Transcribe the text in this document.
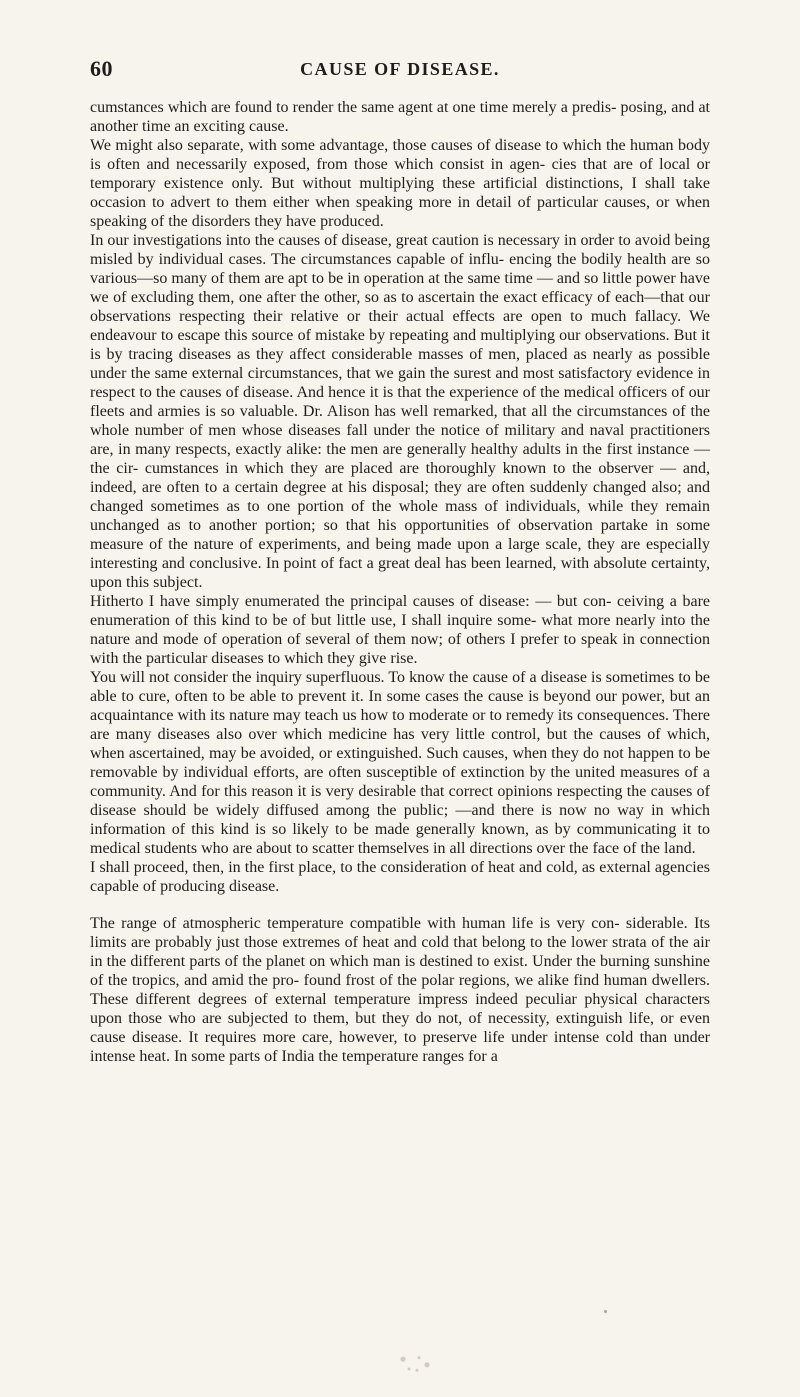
60	CAUSE OF DISEASE.

cumstances which are found to render the same agent at one time merely a predis- posing, and at another time an exciting cause.

We might also separate, with some advantage, those causes of disease to which the human body is often and necessarily exposed, from those which consist in agen- cies that are of local or temporary existence only. But without multiplying these artificial distinctions, I shall take occasion to advert to them either when speaking more in detail of particular causes, or when speaking of the disorders they have produced.

In our investigations into the causes of disease, great caution is necessary in order to avoid being misled by individual cases. The circumstances capable of influ- encing the bodily health are so various—so many of them are apt to be in operation at the same time — and so little power have we of excluding them, one after the other, so as to ascertain the exact efficacy of each—that our observations respecting their relative or their actual effects are open to much fallacy. We endeavour to escape this source of mistake by repeating and multiplying our observations. But it is by tracing diseases as they affect considerable masses of men, placed as nearly as possible under the same external circumstances, that we gain the surest and most satisfactory evidence in respect to the causes of disease. And hence it is that the experience of the medical officers of our fleets and armies is so valuable. Dr. Alison has well remarked, that all the circumstances of the whole number of men whose diseases fall under the notice of military and naval practitioners are, in many respects, exactly alike: the men are generally healthy adults in the first instance — the cir- cumstances in which they are placed are thoroughly known to the observer — and, indeed, are often to a certain degree at his disposal; they are often suddenly changed also; and changed sometimes as to one portion of the whole mass of individuals, while they remain unchanged as to another portion; so that his opportunities of observation partake in some measure of the nature of experiments, and being made upon a large scale, they are especially interesting and conclusive. In point of fact a great deal has been learned, with absolute certainty, upon this subject.

Hitherto I have simply enumerated the principal causes of disease: — but con- ceiving a bare enumeration of this kind to be of but little use, I shall inquire some- what more nearly into the nature and mode of operation of several of them now; of others I prefer to speak in connection with the particular diseases to which they give rise.

You will not consider the inquiry superfluous. To know the cause of a disease is sometimes to be able to cure, often to be able to prevent it. In some cases the cause is beyond our power, but an acquaintance with its nature may teach us how to moderate or to remedy its consequences. There are many diseases also over which medicine has very little control, but the causes of which, when ascertained, may be avoided, or extinguished. Such causes, when they do not happen to be removable by individual efforts, are often susceptible of extinction by the united measures of a community. And for this reason it is very desirable that correct opinions respecting the causes of disease should be widely diffused among the public; —and there is now no way in which information of this kind is so likely to be made generally known, as by communicating it to medical students who are about to scatter themselves in all directions over the face of the land.

I shall proceed, then, in the first place, to the consideration of heat and cold, as external agencies capable of producing disease.

The range of atmospheric temperature compatible with human life is very con- siderable. Its limits are probably just those extremes of heat and cold that belong to the lower strata of the air in the different parts of the planet on which man is destined to exist. Under the burning sunshine of the tropics, and amid the pro- found frost of the polar regions, we alike find human dwellers. These different degrees of external temperature impress indeed peculiar physical characters upon those who are subjected to them, but they do not, of necessity, extinguish life, or even cause disease. It requires more care, however, to preserve life under intense cold than under intense heat. In some parts of India the temperature ranges for a
